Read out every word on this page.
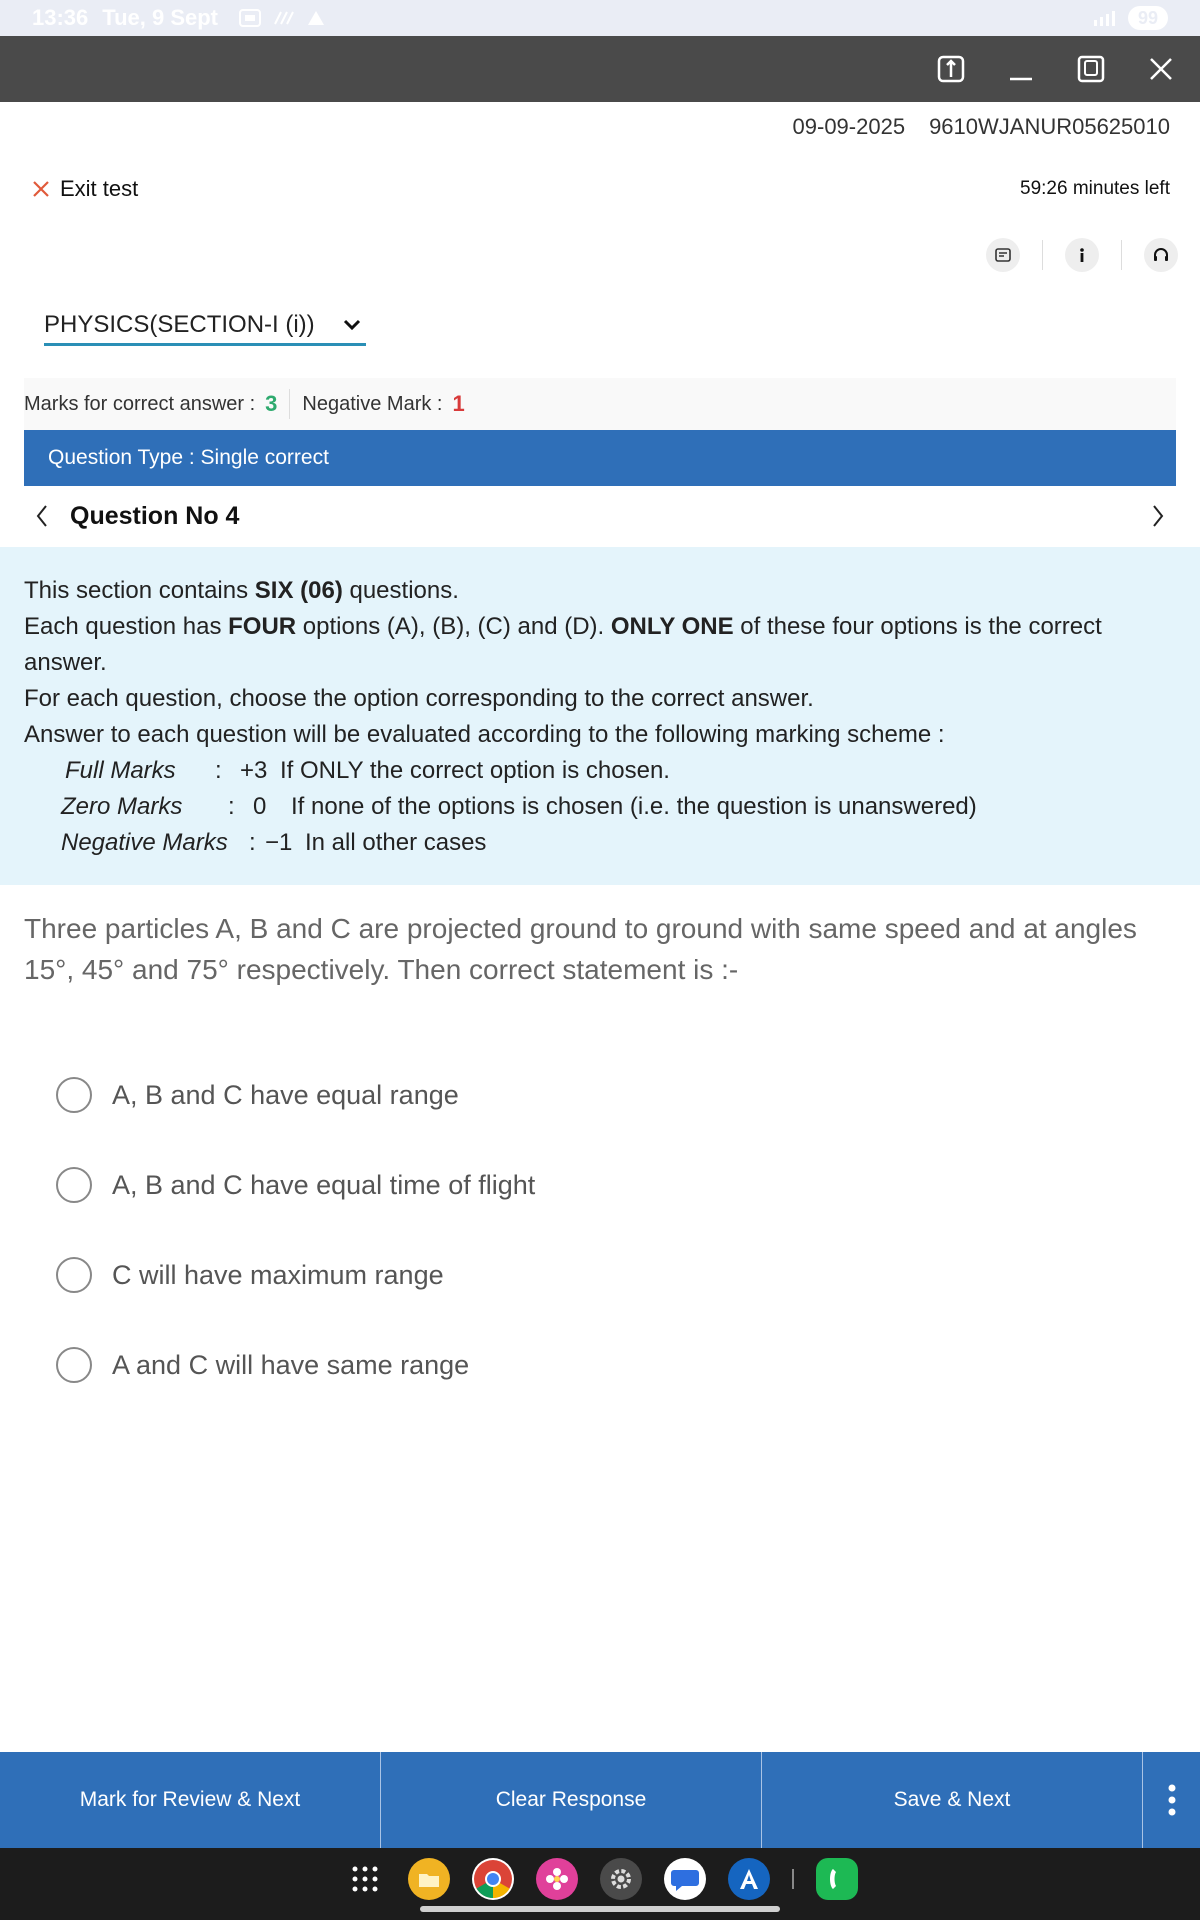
13:36 Tue, 9 Sept	99
09-09-2025 9610WJANUR05625010
Exit test	59:26 minutes left
PHYSICS(SECTION-I (i))
Marks for correct answer : 3 Negative Mark : 1
Question Type : Single correct
Question No 4
This section contains SIX (06) questions.
Each question has FOUR options (A), (B), (C) and (D). ONLY ONE of these four options is the correct answer.
For each question, choose the option corresponding to the correct answer.
Answer to each question will be evaluated according to the following marking scheme :
Full Marks	: +3 If ONLY the correct option is chosen.
Zero Marks	: 0	If none of the options is chosen (i.e. the question is unanswered)
Negative Marks : −1 In all other cases
Three particles A, B and C are projected ground to ground with same speed and at angles 15°, 45° and 75° respectively. Then correct statement is :-
A, B and C have equal range
A, B and C have equal time of flight
C will have maximum range
A and C will have same range
Mark for Review & Next	Clear Response	Save & Next
